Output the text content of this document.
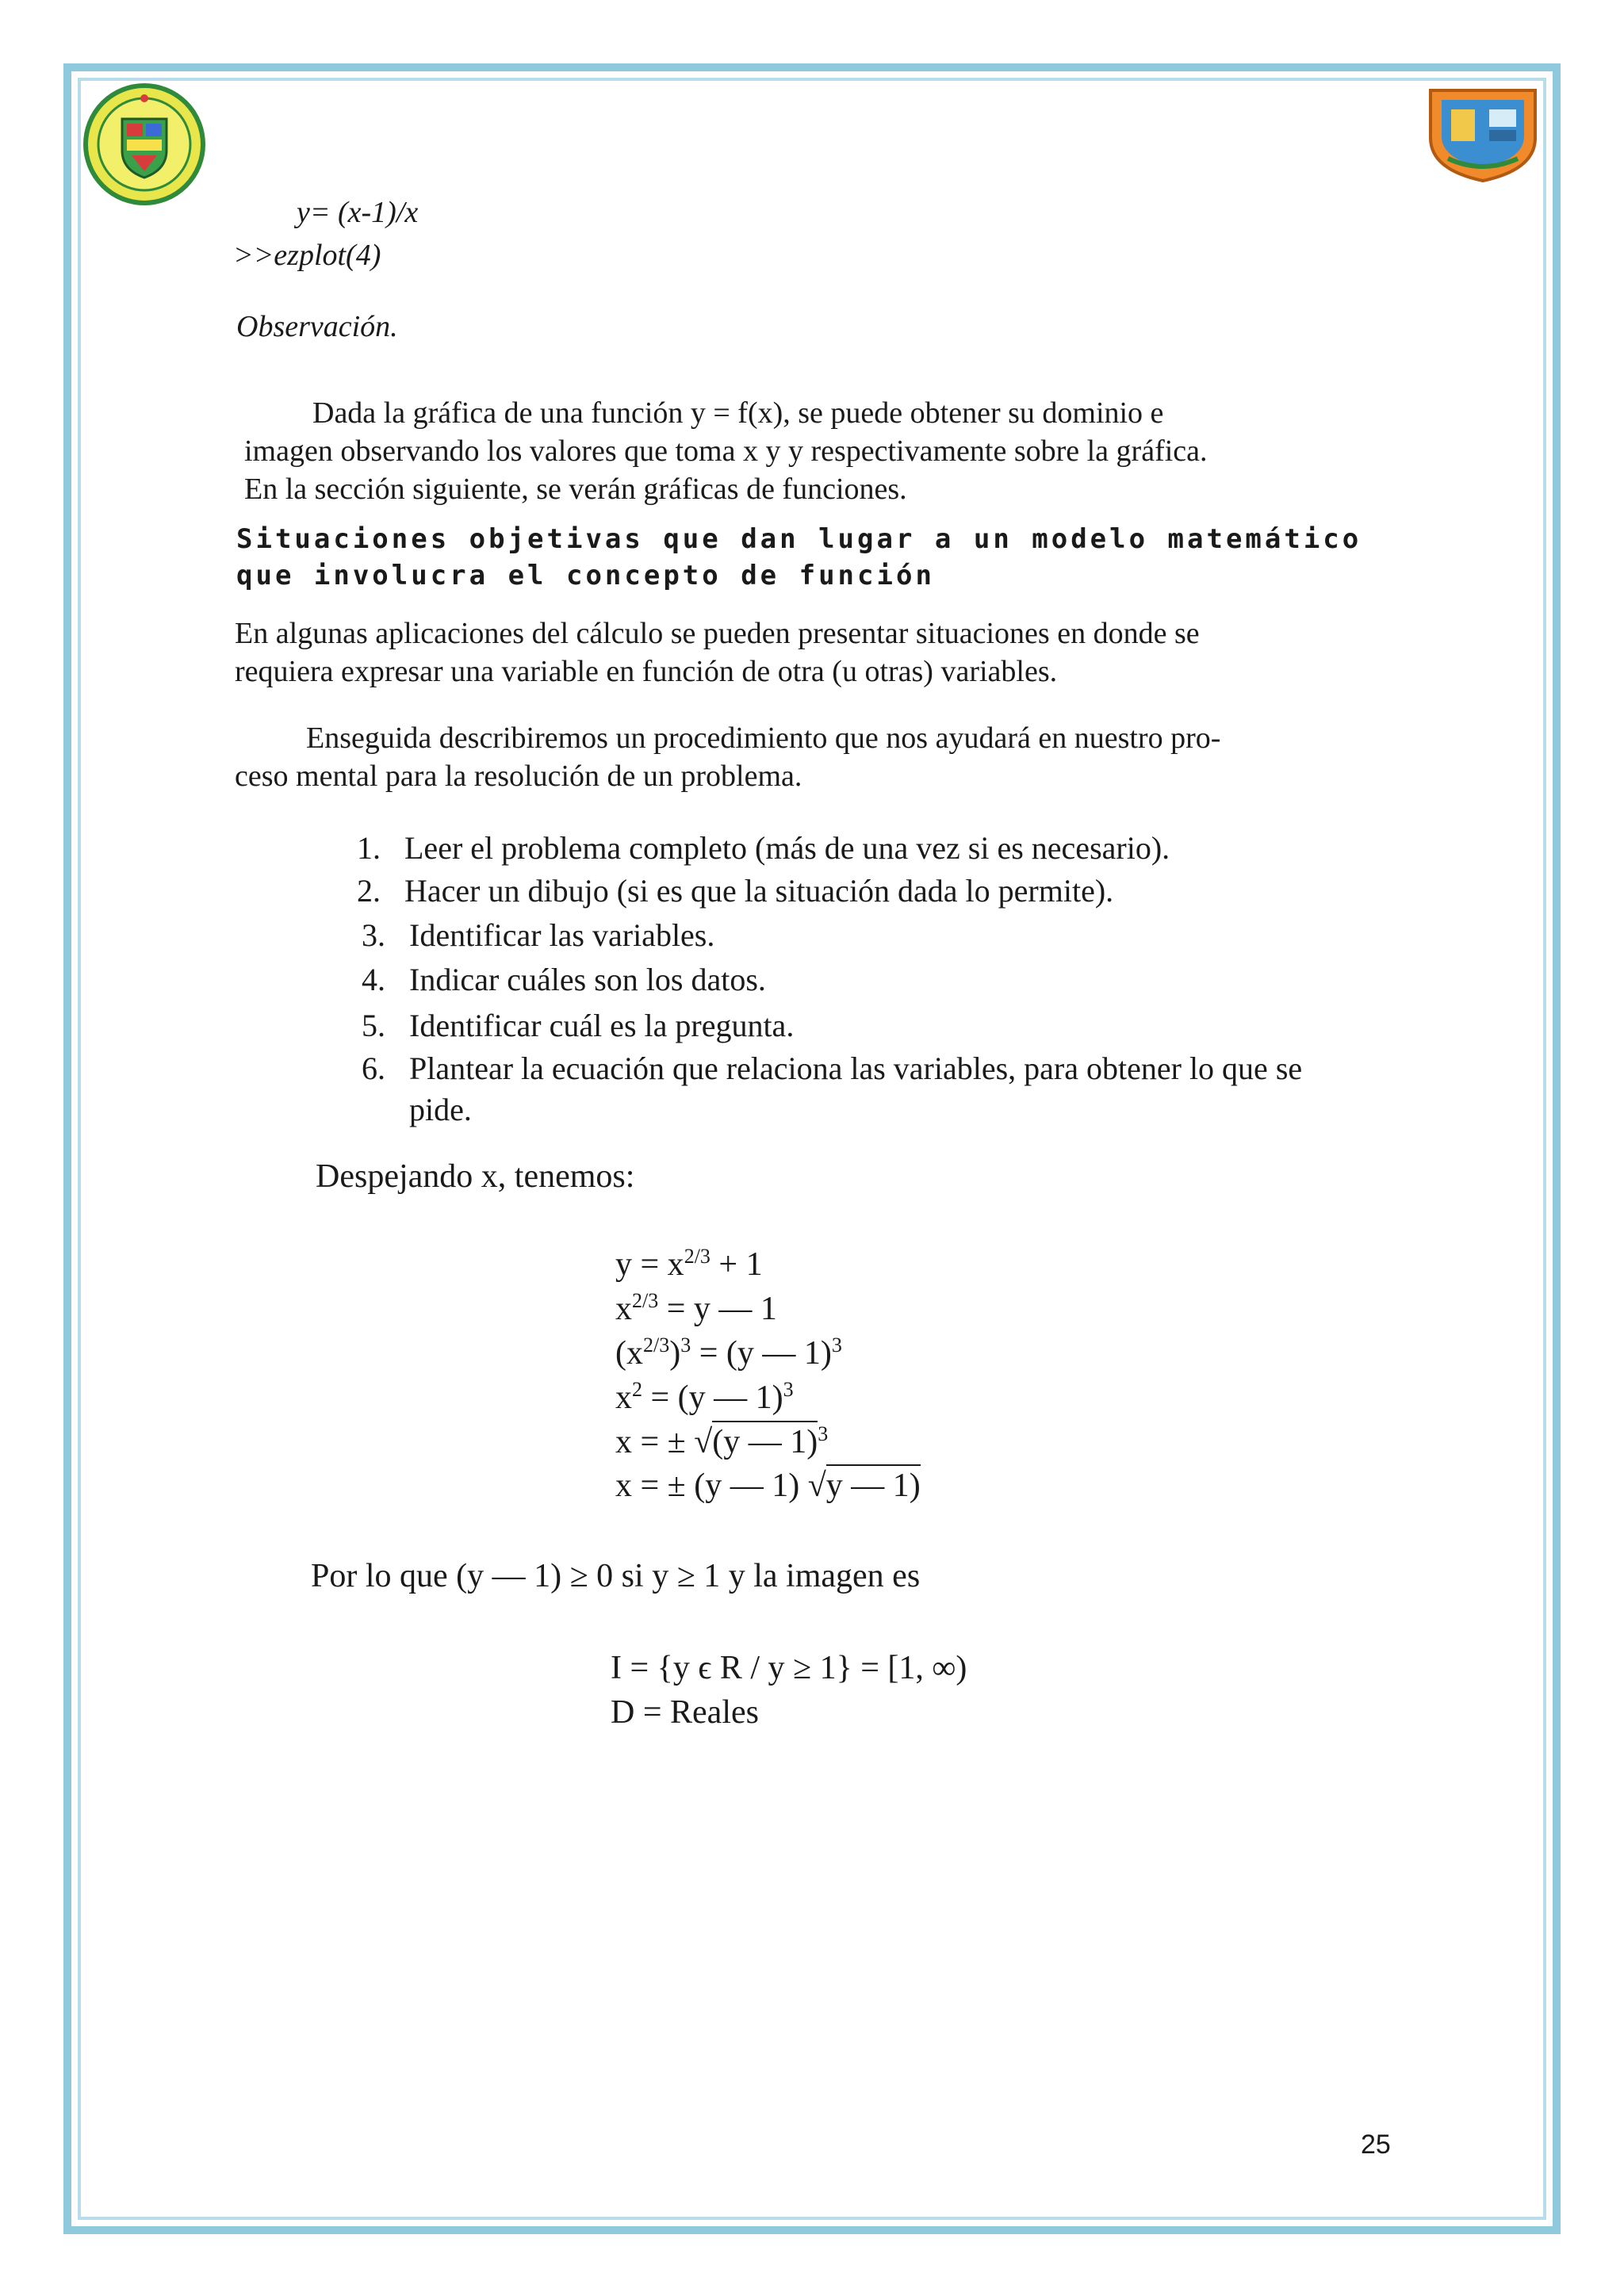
y= (x-1)/x
>>ezplot(4)
Observación.
Dada la gráfica de una función y = f(x), se puede obtener su dominio e
imagen observando los valores que toma x y y respectivamente sobre la gráfica.
En la sección siguiente, se verán gráficas de funciones.
Situaciones objetivas que dan lugar a un modelo matemático
que involucra el concepto de función
En algunas aplicaciones del cálculo se pueden presentar situaciones en donde se
requiera expresar una variable en función de otra (u otras) variables.
Enseguida describiremos un procedimiento que nos ayudará en nuestro pro-
ceso mental para la resolución de un problema.
1. Leer el problema completo (más de una vez si es necesario).
2. Hacer un dibujo (si es que la situación dada lo permite).
3. Identificar las variables.
4. Indicar cuáles son los datos.
5. Identificar cuál es la pregunta.
6. Plantear la ecuación que relaciona las variables, para obtener lo que se
pide.
Despejando x, tenemos:
$y = x^{2/3} + 1$
$x^{2/3} = y$ — 1
$(x^{2/3})^3 = (y$ — 1)$^3$
$x^2 = (y$ — 1)$^3$
x = ± √(y — 1)$^3$
x = ± (y — 1) √y — 1)
Por lo que (y — 1) ≥ 0 si y ≥ 1 y la imagen es
I = {y ϵ R / y ≥ 1} = [1, ∞)
D = Reales
25
